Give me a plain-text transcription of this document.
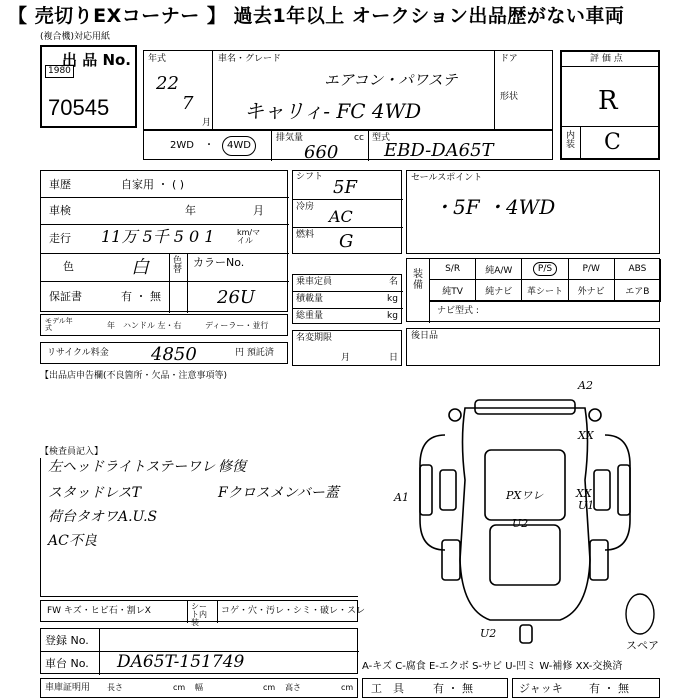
【 売切りEXコーナー 】 過去1年以上 オークション出品歴がない車両
(複合機)対応用紙
出 品 No.
1980
70545
年式
22
7
月
車名・グレード
エアコン・パワステ
キャリィ- FC 4WD
ドア
形状
評 価 点
R
内装 C
2WD ・	4WD
排気量	cc
660
型式
EBD-DA65T
車歴	自家用 ・ ( )
車検	年	月
走行 11万 5千 5 0 1	km/マイル
色	白	色替
カラーNo.
26U
保証書	有 ・ 無
モデル年式	年 ハンドル 左・右	ディーラー・並行
リサイクル料金 4850	円 預託済
シフト 5F
冷房 AC
燃料 G
乗車定員	名
積載量	kg
総重量	kg
名変期限
月	日
セールスポイント
・5F ・4WD
装備
S/R	純A/W	P/S	P/W	ABS
純TV	純ナビ	革シート	外ナビ	エアB
ナビ型式 :
後日品
【出品店申告欄(不良箇所・欠品・注意事項等)
【検査員記入】
左ヘッドライトステーワレ
スタッドレスT
荷台タオワA.U.S
AC不良
修復
Fクロスメンバー蓋
FW キズ・ヒビ石・割レX	シート内装
コゲ・穴・汚レ・シミ・破レ・スレ
登録 No.
車台 No. DA65T-151749
車庫証明用 長さ	cm 幅	cm 高さ	cm
A2
XX
A1	PXワレ	XX
U1
U2
U2
スペア
A-キズ C-腐食 E-エクボ S-サビ U-凹ミ W-補修 XX-交換済
工　具	有 ・ 無	ジャッキ 有 ・ 無
